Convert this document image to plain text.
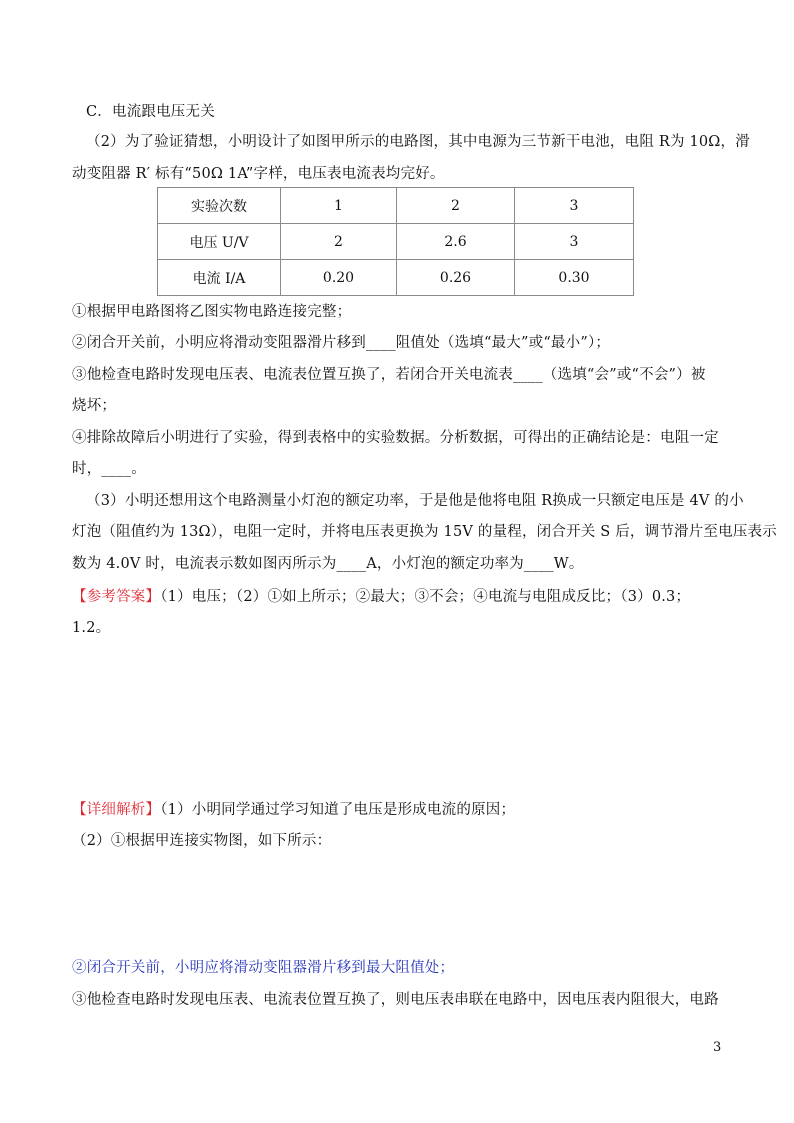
C．电流跟电压无关
（2）为了验证猜想，小明设计了如图甲所示的电路图，其中电源为三节新干电池，电阻 R为 10Ω，滑
动变阻器 R′ 标有“50Ω 1A”字样，电压表电流表均完好。
实验次数	1	2	3
电压 U/V	2	2.6	3
电流 I/A	0.20	0.26	0.30
①根据甲电路图将乙图实物电路连接完整；
②闭合开关前，小明应将滑动变阻器滑片移到____阻值处（选填“最大”或“最小”）；
③他检查电路时发现电压表、电流表位置互换了，若闭合开关电流表____（选填“会”或“不会”）被
烧坏；
④排除故障后小明进行了实验，得到表格中的实验数据。分析数据，可得出的正确结论是：电阻一定
时，____。
（3）小明还想用这个电路测量小灯泡的额定功率，于是他是他将电阻 R换成一只额定电压是 4V 的小
灯泡（阻值约为 13Ω），电阻一定时，并将电压表更换为 15V 的量程，闭合开关 S 后，调节滑片至电压表示
数为 4.0V 时，电流表示数如图丙所示为____A，小灯泡的额定功率为____W。
【参考答案】（1）电压；（2）①如上所示；②最大；③不会；④电流与电阻成反比；（3）0.3；
1.2。
【详细解析】（1）小明同学通过学习知道了电压是形成电流的原因；
（2）①根据甲连接实物图，如下所示：
②闭合开关前，小明应将滑动变阻器滑片移到最大阻值处；
③他检查电路时发现电压表、电流表位置互换了，则电压表串联在电路中，因电压表内阻很大，电路
3
